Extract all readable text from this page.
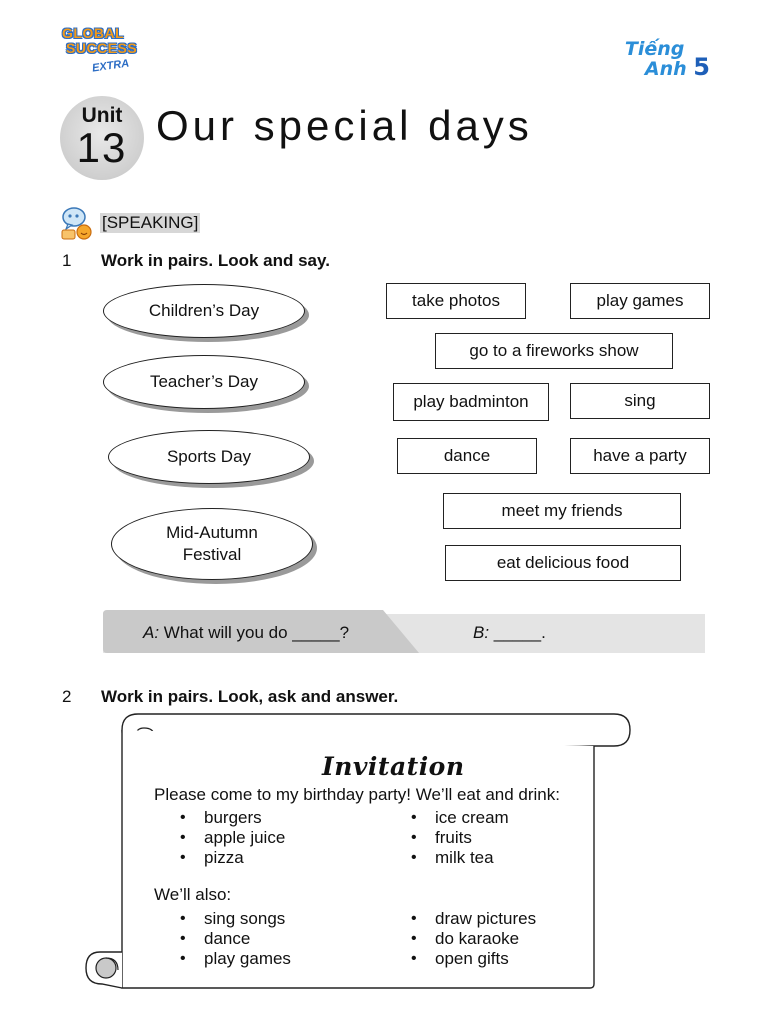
GLOBAL
SUCCESS
EXTRA
Tiếng
Anh 5
Unit
13 Our special days
[SPEAKING]
1 Work in pairs. Look and say.
Children’s Day
Teacher’s Day
Sports Day
Mid-Autumn Festival
take photos	play games
go to a fireworks show
play badminton	sing
dance	have a party
meet my friends
eat delicious food
A: What will you do _____?	B: _____.
2 Work in pairs. Look, ask and answer.
Invitation
Please come to my birthday party! We’ll eat and drink:
• burgers
• apple juice
• pizza
• ice cream
• fruits
• milk tea
We’ll also:
• sing songs
• dance
• play games
• draw pictures
• do karaoke
• open gifts
